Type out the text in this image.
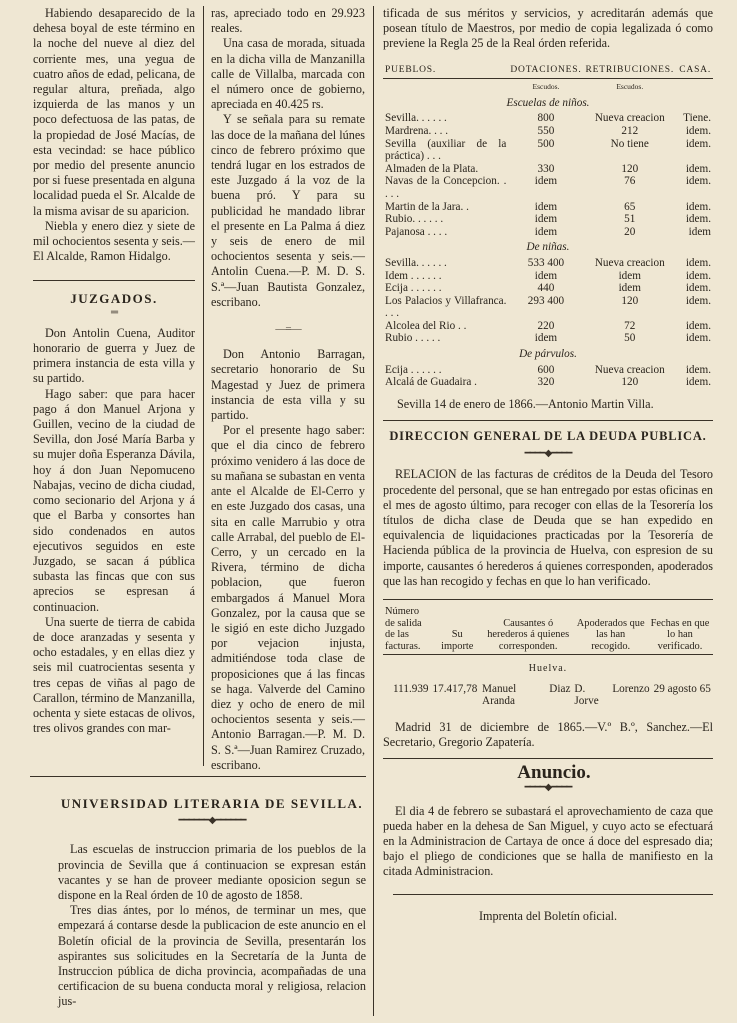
Habiendo desaparecido de la dehesa boyal de este término en la noche del nueve al diez del corriente mes, una yegua de cuatro años de edad, pelicana, de regular altura, preñada, algo izquierda de las manos y un poco defectuosa de las patas, de la propiedad de José Macías, de esta vecindad: se hace público por medio del presente anuncio por si fuese presentada en alguna localidad pueda el Sr. Alcalde de la misma avisar de su aparicion.

Niebla y enero diez y siete de mil ochocientos sesenta y seis.—El Alcalde, Ramon Hidalgo.

JUZGADOS.

═

Don Antolin Cuena, Auditor honorario de guerra y Juez de primera instancia de esta villa y su partido.

Hago saber: que para hacer pago á don Manuel Arjona y Guillen, vecino de la ciudad de Sevilla, don José María Barba y su mujer doña Esperanza Dávila, hoy á don Juan Nepomuceno Nabajas, vecino de dicha ciudad, como secionario del Arjona y á que el Barba y consortes han sido condenados en autos ejecutivos seguidos en este Juzgado, se sacan á pública subasta las fincas que con sus aprecios se espresan á continuacion.

Una suerte de tierra de cabida de doce aranzadas y sesenta y ocho estadales, y en ellas diez y seis mil cuatrocientas sesenta y tres cepas de viñas al pago de Carallon, término de Manzanilla, ochenta y siete estacas de olivos, tres olivos grandes con mar-

ras, apreciado todo en 29.923 reales.

Una casa de morada, situada en la dicha villa de Manzanilla calle de Villalba, marcada con el número once de gobierno, apreciada en 40.425 rs.

Y se señala para su remate las doce de la mañana del lúnes cinco de febrero próximo que tendrá lugar en los estrados de este Juzgado á la voz de la buena pró. Y para su publicidad he mandado librar el presente en La Palma á diez y seis de enero de mil ochocientos sesenta y seis.—Antolin Cuena.—P. M. D. S. S.ª—Juan Bautista Gonzalez, escribano.

—=—

Don Antonio Barragan, secretario honorario de Su Magestad y Juez de primera instancia de esta villa y su partido.

Por el presente hago saber: que el dia cinco de febrero próximo venidero á las doce de su mañana se subastan en venta ante el Alcalde de El-Cerro y en este Juzgado dos casas, una sita en calle Marrubio y otra calle Arrabal, del pueblo de El-Cerro, y un cercado en la Rivera, término de dicha poblacion, que fueron embargados á Manuel Mora Gonzalez, por la causa que se le sigió en este dicho Juzgado por vejacion injusta, admitiéndose toda clase de proposiciones que á las fincas se haga. Valverde del Camino diez y ocho de enero de mil ochocientos sesenta y seis.—Antonio Barragan.—P. M. D. S. S.ª—Juan Ramirez Cruzado, escribano.

UNIVERSIDAD LITERARIA DE SEVILLA.

━━━━━━◆━━━━━━

Las escuelas de instruccion primaria de los pueblos de la provincia de Sevilla que á continuacion se expresan están vacantes y se han de proveer mediante oposicion segun se dispone en la Real órden de 10 de agosto de 1858.

Tres dias ántes, por lo ménos, de terminar un mes, que empezará á contarse desde la publicacion de este anuncio en el Boletín oficial de la provincia de Sevilla, presentarán los aspirantes sus solicitudes en la Secretaría de la Junta de Instruccion pública de dicha provincia, acompañadas de una certificacion de su buena conducta moral y religiosa, relacion jus-

tificada de sus méritos y servicios, y acreditarán además que posean título de Maestros, por medio de copia legalizada ó como previene la Regla 25 de la Real órden referida.

PUEBLOS.	DOTACIONES.	RETRIBUCIONES.	CASA.
	Escudos.	Escudos.	
Escuelas de niños.			
Sevilla. . . . . .	800	Nueva creacion	Tiene.
Mardrena. . . .	550	212	idem.
Sevilla (auxiliar de la práctica) . . .	500	No tiene	idem.
Almaden de la Plata.	330	120	idem.
Navas de la Concepcion. . . . .	idem	76	idem.
Martin de la Jara. .	idem	65	idem.
Rubio. . . . . .	idem	51	idem.
Pajanosa . . . .	idem	20	idem
De niñas.			
Sevilla. . . . . .	533 400	Nueva creacion	idem.
Idem . . . . . .	idem	idem	idem.
Ecija . . . . . .	440	idem	idem.
Los Palacios y Villafranca. . . .	293 400	120	idem.
Alcolea del Rio . .	220	72	idem.
Rubio . . . . .	idem	50	idem.
De párvulos.			
Ecija . . . . . .	600	Nueva creacion	idem.
Alcalá de Guadaira .	320	120	idem.

Sevilla 14 de enero de 1866.—Antonio Martin Villa.

DIRECCION GENERAL DE LA DEUDA PUBLICA.

━━━━◆━━━━

RELACION de las facturas de créditos de la Deuda del Tesoro procedente del personal, que se han entregado por estas oficinas en el mes de agosto último, para recoger con ellas de la Tesorería los títulos de dicha clase de Deuda que se han expedido en equivalencia de liquidaciones practicadas por la Tesorería de Hacienda pública de la provincia de Huelva, con espresion de su importe, causantes ó herederos á quienes corresponden, apoderados que las han recogido y fechas en que lo han verificado.

Número de salida de las facturas.	Su importe	Causantes ó herederos á quienes corresponden.	Apoderados que las han recogido.	Fechas en que lo han verificado.

Huelva.

111.939	17.417,78	Manuel Diaz Aranda	D. Lorenzo Jorve	29 agosto 65

Madrid 31 de diciembre de 1865.—V.º B.º, Sanchez.—El Secretario, Gregorio Zapatería.

Anuncio.

━━━━◆━━━━

El dia 4 de febrero se subastará el aprovechamiento de caza que pueda haber en la dehesa de San Miguel, y cuyo acto se efectuará en la Administracion de Cartaya de once á doce del espresado dia; bajo el pliego de condiciones que se halla de manifiesto en la citada Administracion.

Imprenta del Boletín oficial.
